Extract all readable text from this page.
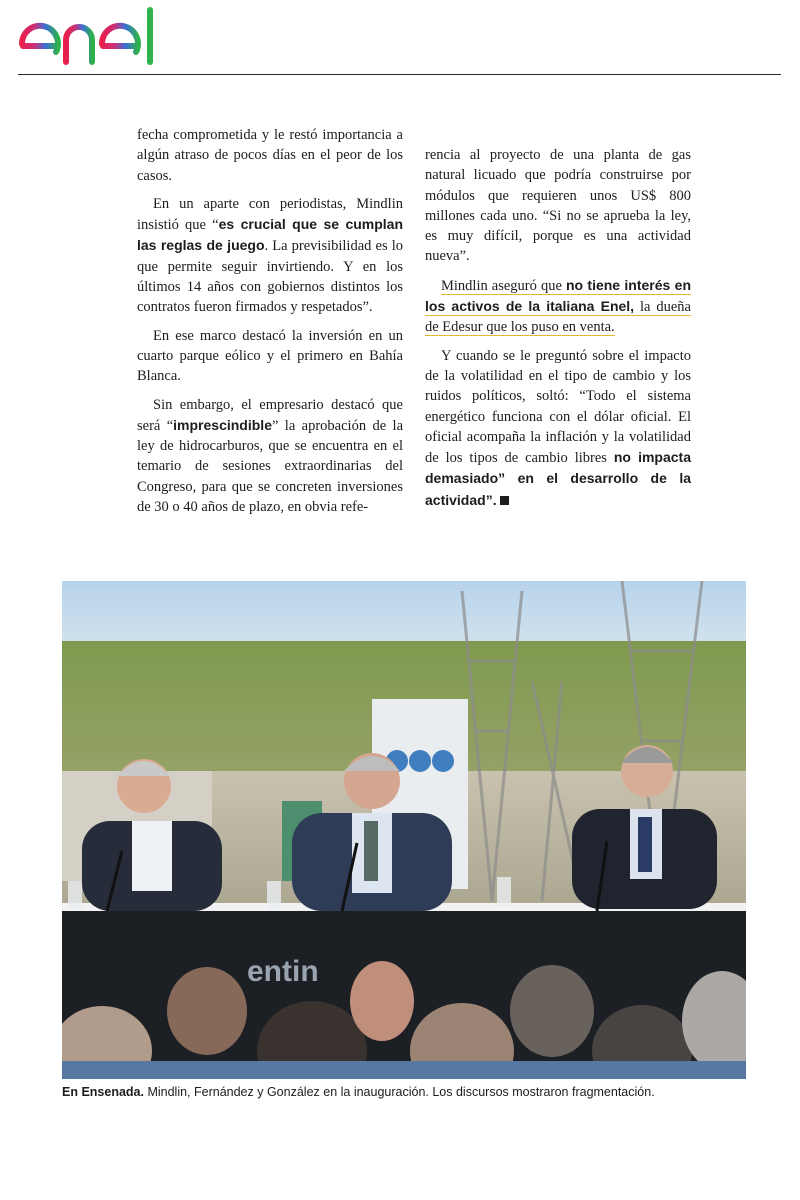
enel

fecha comprometida y le restó importancia a algún atraso de pocos días en el peor de los casos.

En un aparte con periodistas, Mindlin insistió que “es crucial que se cumplan las reglas de juego. La previsibilidad es lo que permite seguir invirtiendo. Y en los últimos 14 años con gobiernos distintos los contratos fueron firmados y respetados”.

En ese marco destacó la inversión en un cuarto parque eólico y el primero en Bahía Blanca.

Sin embargo, el empresario destacó que será “imprescindible” la aprobación de la ley de hidrocarburos, que se encuentra en el temario de sesiones extraordinarias del Congreso, para que se concreten inversiones de 30 o 40 años de plazo, en obvia refe-

rencia al proyecto de una planta de gas natural licuado que podría construirse por módulos que requieren unos US$ 800 millones cada uno. “Si no se aprueba la ley, es muy difícil, porque es una actividad nueva”.

Mindlin aseguró que no tiene interés en los activos de la italiana Enel, la dueña de Edesur que los puso en venta.

Y cuando se le preguntó sobre el impacto de la volatilidad en el tipo de cambio y los ruidos políticos, soltó: “Todo el sistema energético funciona con el dólar oficial. El oficial acompaña la inflación y la volatilidad de los tipos de cambio libres no impacta demasiado” en el desarrollo de la actividad”.

entin
En Ensenada. Mindlin, Fernández y González en la inauguración. Los discursos mostraron fragmentación.
